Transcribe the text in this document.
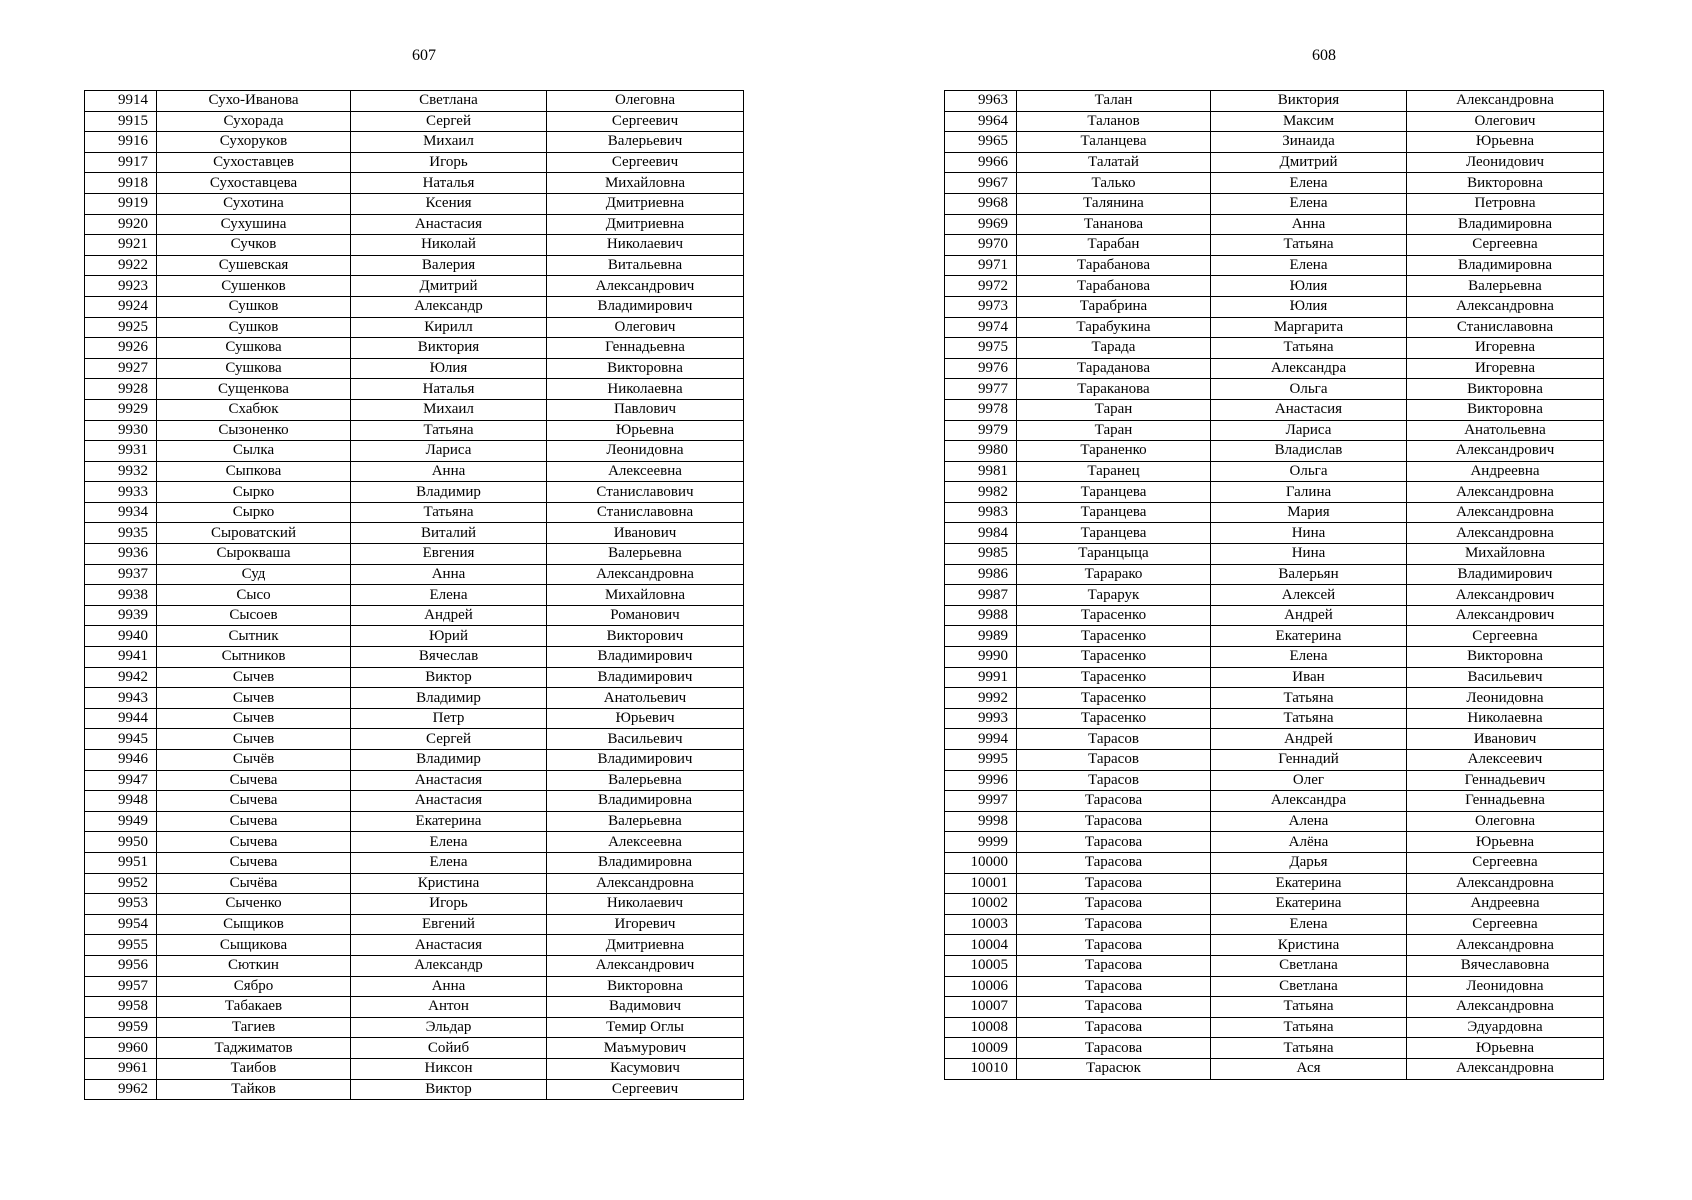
607
9914	Сухо-Иванова	Светлана	Олеговна
9915	Сухорада	Сергей	Сергеевич
9916	Сухоруков	Михаил	Валерьевич
9917	Сухоставцев	Игорь	Сергеевич
9918	Сухоставцева	Наталья	Михайловна
9919	Сухотина	Ксения	Дмитриевна
9920	Сухушина	Анастасия	Дмитриевна
9921	Сучков	Николай	Николаевич
9922	Сушевская	Валерия	Витальевна
9923	Сушенков	Дмитрий	Александрович
9924	Сушков	Александр	Владимирович
9925	Сушков	Кирилл	Олегович
9926	Сушкова	Виктория	Геннадьевна
9927	Сушкова	Юлия	Викторовна
9928	Сущенкова	Наталья	Николаевна
9929	Схабюк	Михаил	Павлович
9930	Сызоненко	Татьяна	Юрьевна
9931	Сылка	Лариса	Леонидовна
9932	Сыпкова	Анна	Алексеевна
9933	Сырко	Владимир	Станиславович
9934	Сырко	Татьяна	Станиславовна
9935	Сыроватский	Виталий	Иванович
9936	Сырокваша	Евгения	Валерьевна
9937	Суд	Анна	Александровна
9938	Сысо	Елена	Михайловна
9939	Сысоев	Андрей	Романович
9940	Сытник	Юрий	Викторович
9941	Сытников	Вячеслав	Владимирович
9942	Сычев	Виктор	Владимирович
9943	Сычев	Владимир	Анатольевич
9944	Сычев	Петр	Юрьевич
9945	Сычев	Сергей	Васильевич
9946	Сычёв	Владимир	Владимирович
9947	Сычева	Анастасия	Валерьевна
9948	Сычева	Анастасия	Владимировна
9949	Сычева	Екатерина	Валерьевна
9950	Сычева	Елена	Алексеевна
9951	Сычева	Елена	Владимировна
9952	Сычёва	Кристина	Александровна
9953	Сыченко	Игорь	Николаевич
9954	Сыщиков	Евгений	Игоревич
9955	Сыщикова	Анастасия	Дмитриевна
9956	Сюткин	Александр	Александрович
9957	Сябро	Анна	Викторовна
9958	Табакаев	Антон	Вадимович
9959	Тагиев	Эльдар	Темир Оглы
9960	Таджиматов	Сойиб	Маъмурович
9961	Таибов	Никсон	Касумович
9962	Тайков	Виктор	Сергеевич
608
9963	Талан	Виктория	Александровна
9964	Таланов	Максим	Олегович
9965	Таланцева	Зинаида	Юрьевна
9966	Талатай	Дмитрий	Леонидович
9967	Талько	Елена	Викторовна
9968	Талянина	Елена	Петровна
9969	Тананова	Анна	Владимировна
9970	Тарабан	Татьяна	Сергеевна
9971	Тарабанова	Елена	Владимировна
9972	Тарабанова	Юлия	Валерьевна
9973	Тарабрина	Юлия	Александровна
9974	Тарабукина	Маргарита	Станиславовна
9975	Тарада	Татьяна	Игоревна
9976	Тараданова	Александра	Игоревна
9977	Тараканова	Ольга	Викторовна
9978	Таран	Анастасия	Викторовна
9979	Таран	Лариса	Анатольевна
9980	Тараненко	Владислав	Александрович
9981	Таранец	Ольга	Андреевна
9982	Таранцева	Галина	Александровна
9983	Таранцева	Мария	Александровна
9984	Таранцева	Нина	Александровна
9985	Таранцыца	Нина	Михайловна
9986	Тарарако	Валерьян	Владимирович
9987	Тарарук	Алексей	Александрович
9988	Тарасенко	Андрей	Александрович
9989	Тарасенко	Екатерина	Сергеевна
9990	Тарасенко	Елена	Викторовна
9991	Тарасенко	Иван	Васильевич
9992	Тарасенко	Татьяна	Леонидовна
9993	Тарасенко	Татьяна	Николаевна
9994	Тарасов	Андрей	Иванович
9995	Тарасов	Геннадий	Алексеевич
9996	Тарасов	Олег	Геннадьевич
9997	Тарасова	Александра	Геннадьевна
9998	Тарасова	Алена	Олеговна
9999	Тарасова	Алёна	Юрьевна
10000	Тарасова	Дарья	Сергеевна
10001	Тарасова	Екатерина	Александровна
10002	Тарасова	Екатерина	Андреевна
10003	Тарасова	Елена	Сергеевна
10004	Тарасова	Кристина	Александровна
10005	Тарасова	Светлана	Вячеславовна
10006	Тарасова	Светлана	Леонидовна
10007	Тарасова	Татьяна	Александровна
10008	Тарасова	Татьяна	Эдуардовна
10009	Тарасова	Татьяна	Юрьевна
10010	Тарасюк	Ася	Александровна
